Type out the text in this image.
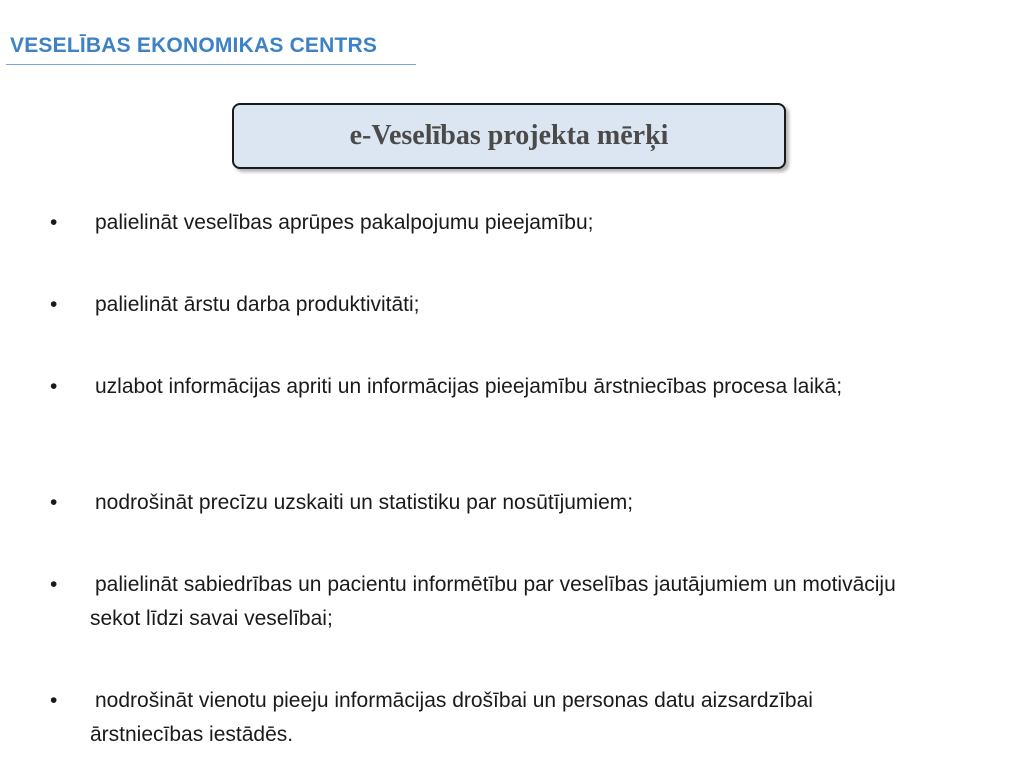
VESELĪBAS EKONOMIKAS CENTRS
e-Veselības projekta mērķi
• palielināt veselības aprūpes pakalpojumu pieejamību;
• palielināt ārstu darba produktivitāti;
• uzlabot informācijas apriti un informācijas pieejamību ārstniecības procesa laikā;
• nodrošināt precīzu uzskaiti un statistiku par nosūtījumiem;
• palielināt sabiedrības un pacientu informētību par veselības jautājumiem un motivāciju sekot līdzi savai veselībai;
• nodrošināt vienotu pieeju informācijas drošībai un personas datu aizsardzībai ārstniecības iestādēs.
